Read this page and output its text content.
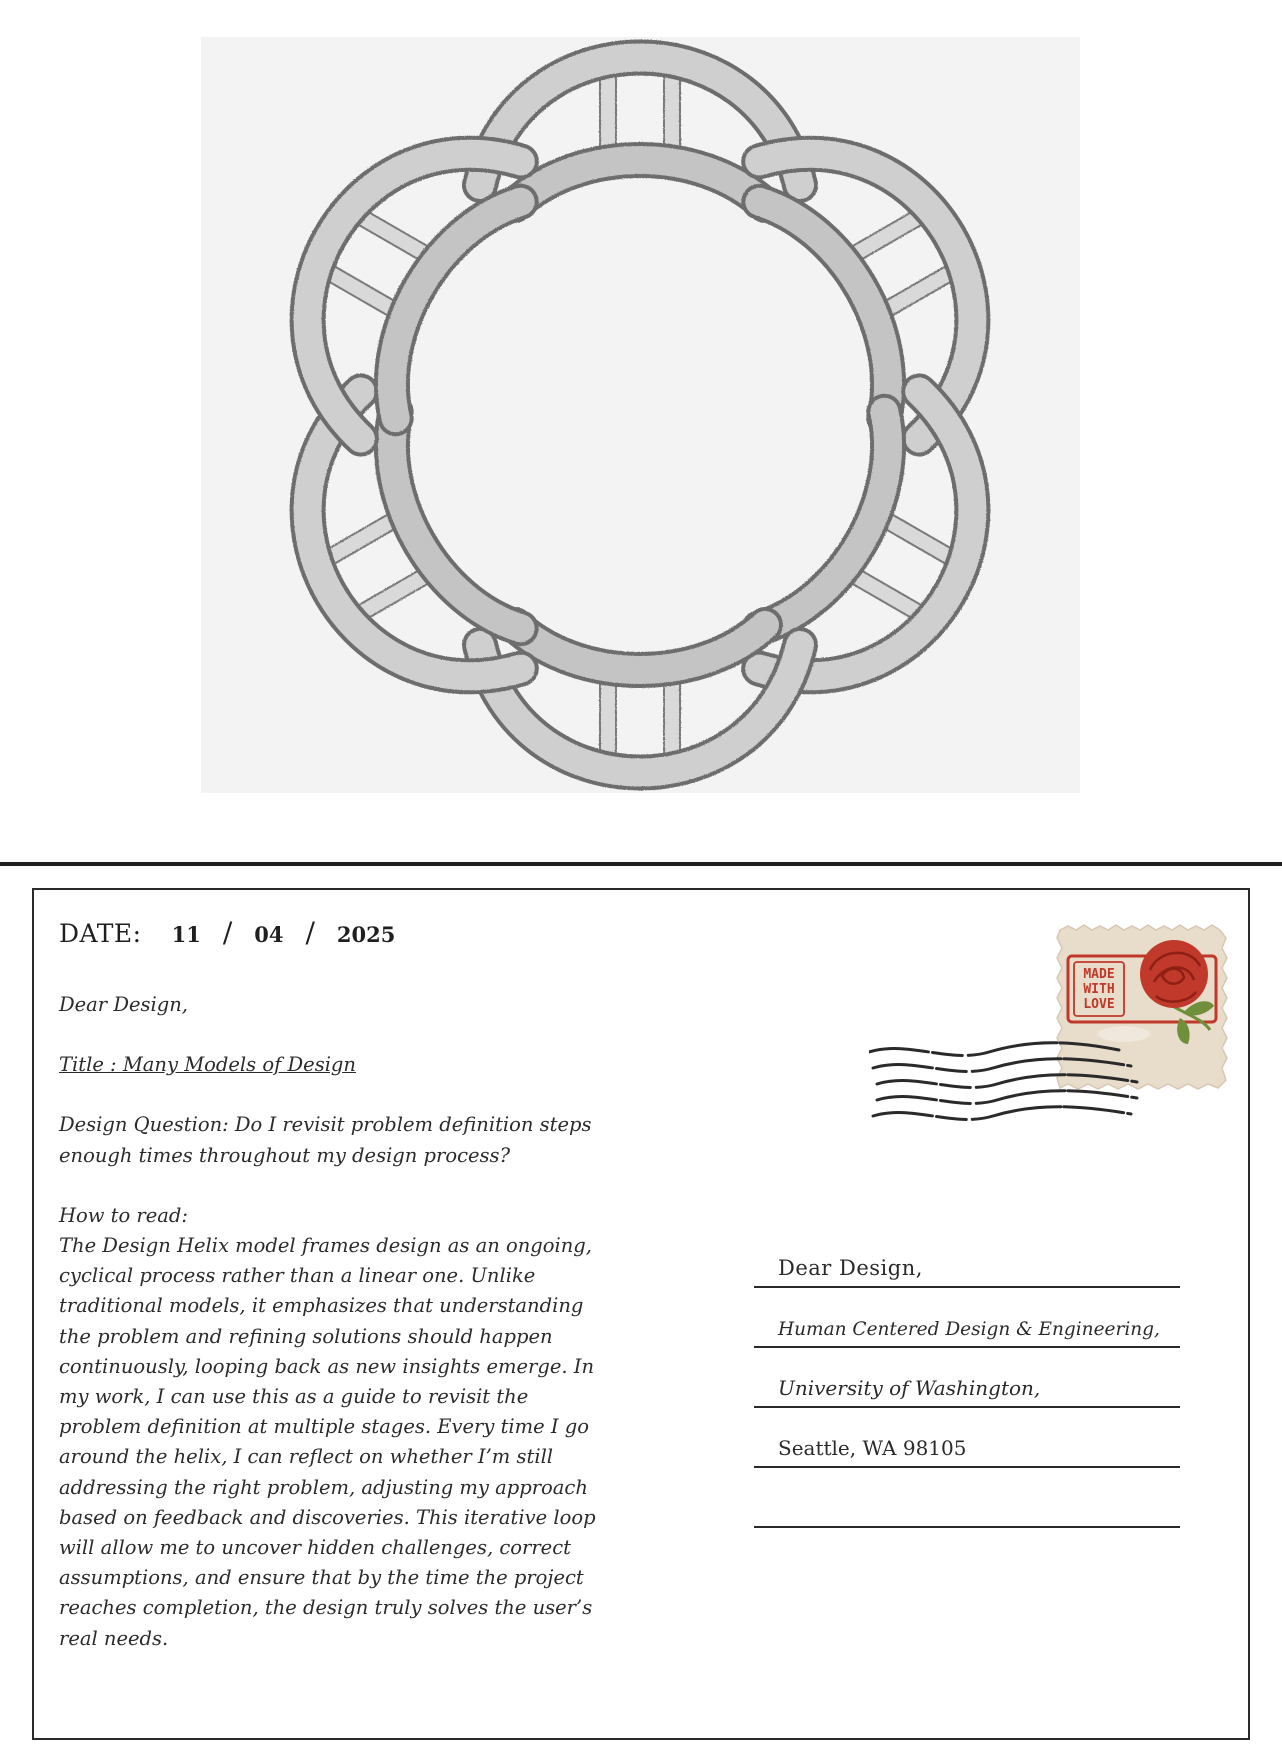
DATE: 11 / 04 / 2025

Dear Design,

Title : Many Models of Design

Design Question: Do I revisit problem definition steps enough times throughout my design process?

How to read:

The Design Helix model frames design as an ongoing, cyclical process rather than a linear one. Unlike traditional models, it emphasizes that understanding the problem and refining solutions should happen continuously, looping back as new insights emerge. In my work, I can use this as a guide to revisit the problem definition at multiple stages. Every time I go around the helix, I can reflect on whether I’m still addressing the right problem, adjusting my approach based on feedback and discoveries. This iterative loop will allow me to uncover hidden challenges, correct assumptions, and ensure that by the time the project reaches completion, the design truly solves the user’s real needs.

MADE
WITH
LOVE
Dear Design,
Human Centered Design & Engineering,
University of Washington,
Seattle, WA 98105
